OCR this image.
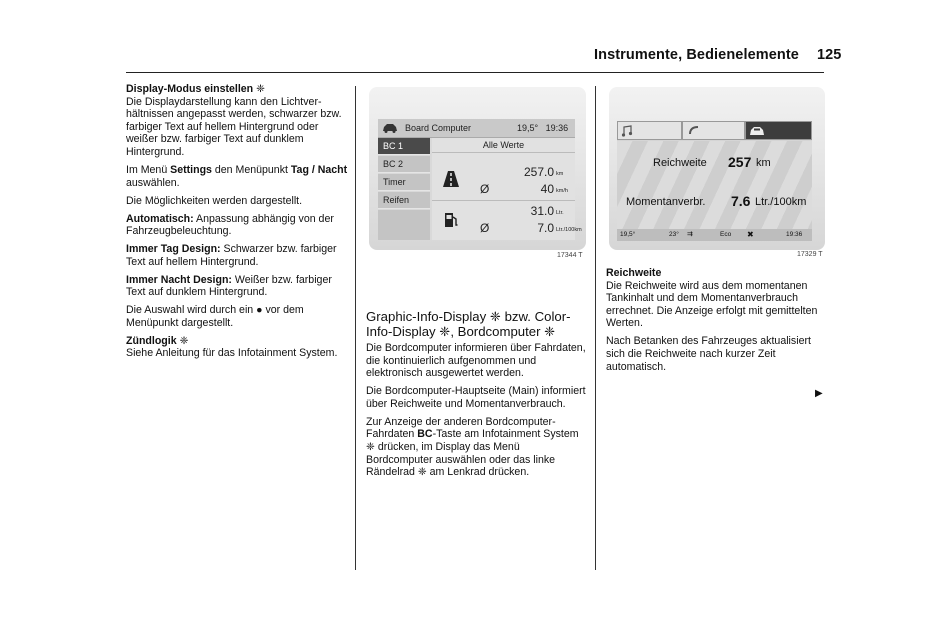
Instrumente, Bedienelemente 125

Display-Modus einstellen ❈
Die Displaydarstellung kann den Lichtverhältnissen angepasst werden, schwarzer bzw. farbiger Text auf hellem Hintergrund oder weißer bzw. farbiger Text auf dunklem Hintergrund.

Im Menü Settings den Menüpunkt Tag / Nacht auswählen.

Die Möglichkeiten werden dargestellt.

Automatisch: Anpassung abhängig von der Fahrzeugbeleuchtung.

Immer Tag Design: Schwarzer bzw. farbiger Text auf hellem Hintergrund.

Immer Nacht Design: Weißer bzw. farbiger Text auf dunklem Hintergrund.

Die Auswahl wird durch ein ● vor dem Menüpunkt dargestellt.

Zündlogik ❈
Siehe Anleitung für das Infotainment System.

Board Computer	19,5° 19:36
BC 1
BC 2
Timer
Reifen
Alle Werte
257.0 km
Ø	40 km/h
31.0 Ltr.
Ø	7.0 Ltr./100km
17344 T
Graphic-Info-Display ❈ bzw. Color-Info-Display ❈, Bordcomputer ❈

Die Bordcomputer informieren über Fahrdaten, die kontinuierlich aufgenommen und elektronisch ausgewertet werden.

Die Bordcomputer-Hauptseite (Main) informiert über Reichweite und Momentanverbrauch.

Zur Anzeige der anderen Bordcomputer-Fahrdaten BC-Taste am Infotainment System ❈ drücken, im Display das Menü Bordcomputer auswählen oder das linke Rändelrad ❈ am Lenkrad drücken.

Reichweite 257 km
Momentanverbr. 7.6 Ltr./100km
19,5°	23° ⇉	Eco ✖	19:36
17329 T

Reichweite

Die Reichweite wird aus dem momentanen Tankinhalt und dem Momentanverbrauch errechnet. Die Anzeige erfolgt mit gemittelten Werten.

Nach Betanken des Fahrzeuges aktualisiert sich die Reichweite nach kurzer Zeit automatisch.

▶
